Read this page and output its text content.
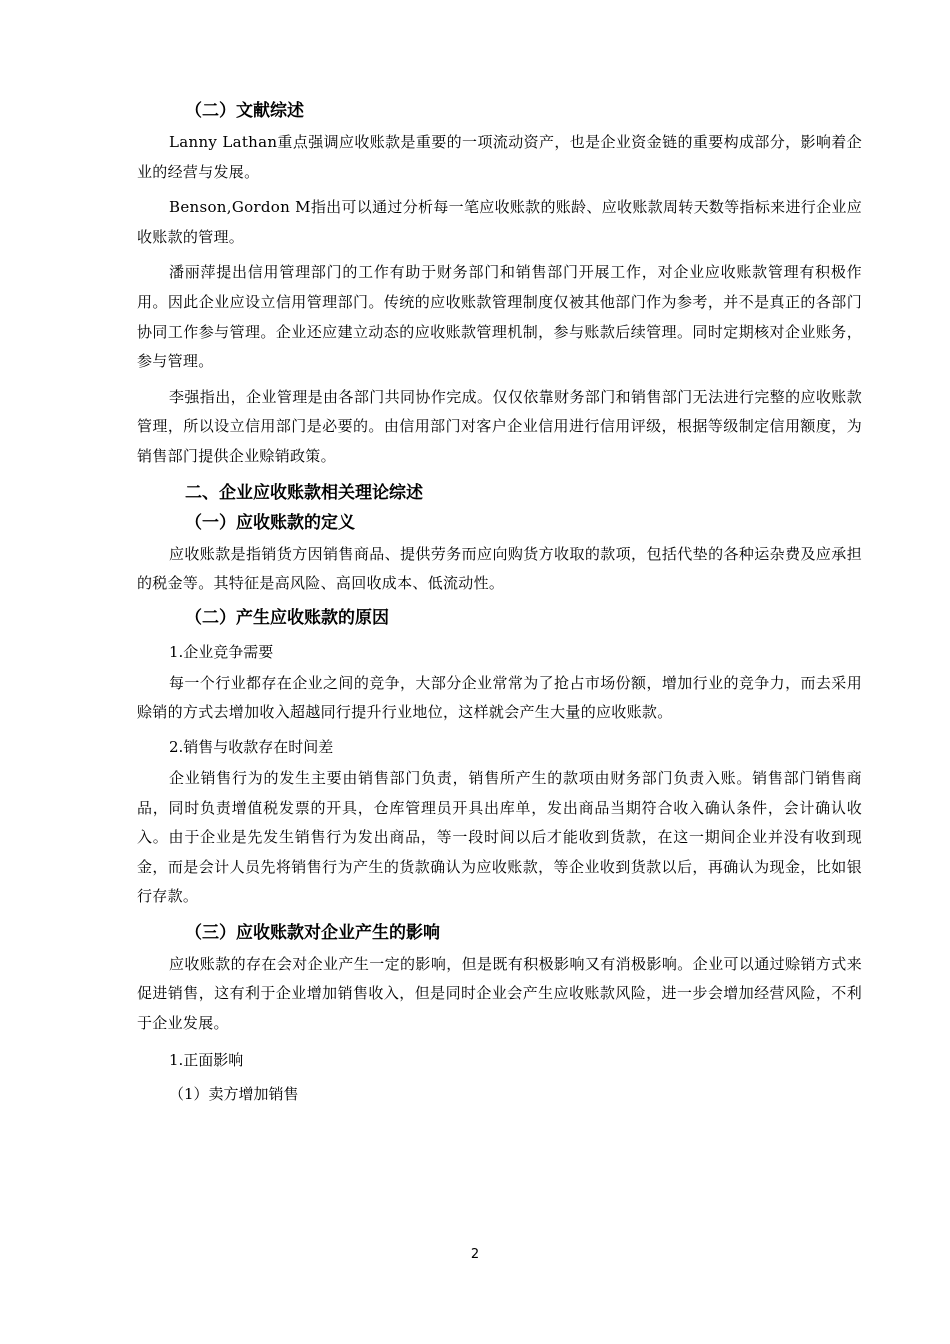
（二）文献综述

Lanny Lathan重点强调应收账款是重要的一项流动资产，也是企业资金链的重要构成部分，影响着企业的经营与发展。

Benson,Gordon M指出可以通过分析每一笔应收账款的账龄、应收账款周转天数等指标来进行企业应收账款的管理。

潘丽萍提出信用管理部门的工作有助于财务部门和销售部门开展工作，对企业应收账款管理有积极作用。因此企业应设立信用管理部门。传统的应收账款管理制度仅被其他部门作为参考，并不是真正的各部门协同工作参与管理。企业还应建立动态的应收账款管理机制，参与账款后续管理。同时定期核对企业账务，参与管理。

李强指出，企业管理是由各部门共同协作完成。仅仅依靠财务部门和销售部门无法进行完整的应收账款管理，所以设立信用部门是必要的。由信用部门对客户企业信用进行信用评级，根据等级制定信用额度，为销售部门提供企业赊销政策。

二、企业应收账款相关理论综述
（一）应收账款的定义

应收账款是指销货方因销售商品、提供劳务而应向购货方收取的款项，包括代垫的各种运杂费及应承担的税金等。其特征是高风险、高回收成本、低流动性。

（二）产生应收账款的原因

1.企业竞争需要

每一个行业都存在企业之间的竞争，大部分企业常常为了抢占市场份额，增加行业的竞争力，而去采用赊销的方式去增加收入超越同行提升行业地位，这样就会产生大量的应收账款。

2.销售与收款存在时间差

企业销售行为的发生主要由销售部门负责，销售所产生的款项由财务部门负责入账。销售部门销售商品，同时负责增值税发票的开具，仓库管理员开具出库单，发出商品当期符合收入确认条件，会计确认收入。由于企业是先发生销售行为发出商品，等一段时间以后才能收到货款，在这一期间企业并没有收到现金，而是会计人员先将销售行为产生的货款确认为应收账款，等企业收到货款以后，再确认为现金，比如银行存款。

（三）应收账款对企业产生的影响

应收账款的存在会对企业产生一定的影响，但是既有积极影响又有消极影响。企业可以通过赊销方式来促进销售，这有利于企业增加销售收入，但是同时企业会产生应收账款风险，进一步会增加经营风险，不利于企业发展。

1.正面影响

（1）卖方增加销售

2
